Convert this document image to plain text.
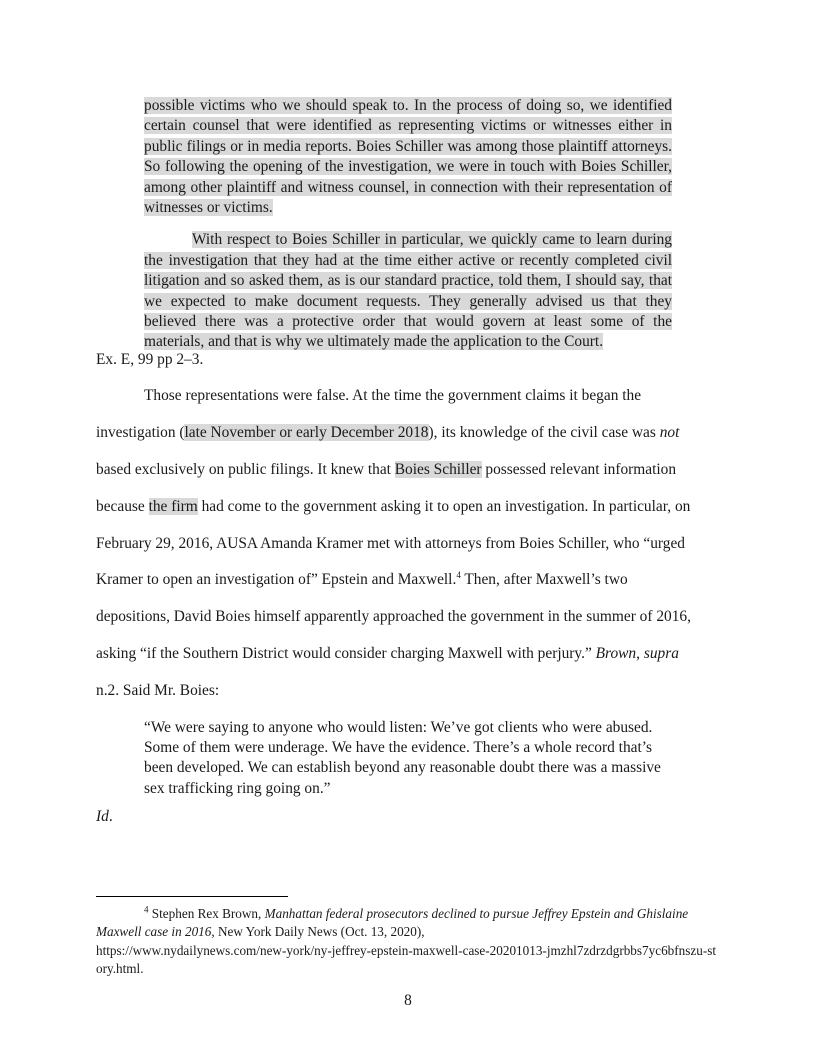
possible victims who we should speak to. In the process of doing so, we identified certain counsel that were identified as representing victims or witnesses either in public filings or in media reports. Boies Schiller was among those plaintiff attorneys. So following the opening of the investigation, we were in touch with Boies Schiller, among other plaintiff and witness counsel, in connection with their representation of witnesses or victims.

With respect to Boies Schiller in particular, we quickly came to learn during the investigation that they had at the time either active or recently completed civil litigation and so asked them, as is our standard practice, told them, I should say, that we expected to make document requests. They generally advised us that they believed there was a protective order that would govern at least some of the materials, and that is why we ultimately made the application to the Court.

Ex. E, 99 pp 2–3.
Those representations were false. At the time the government claims it began the
investigation (late November or early December 2018), its knowledge of the civil case was not
based exclusively on public filings. It knew that Boies Schiller possessed relevant information
because the firm had come to the government asking it to open an investigation. In particular, on
February 29, 2016, AUSA Amanda Kramer met with attorneys from Boies Schiller, who “urged
Kramer to open an investigation of” Epstein and Maxwell.$^4$ Then, after Maxwell’s two
depositions, David Boies himself apparently approached the government in the summer of 2016,
asking “if the Southern District would consider charging Maxwell with perjury.” Brown, supra
n.2. Said Mr. Boies:
“We were saying to anyone who would listen: We’ve got clients who were abused. Some of them were underage. We have the evidence. There’s a whole record that’s been developed. We can establish beyond any reasonable doubt there was a massive sex trafficking ring going on.”
Id.
$^4$ Stephen Rex Brown, Manhattan federal prosecutors declined to pursue Jeffrey Epstein and Ghislaine Maxwell case in 2016, New York Daily News (Oct. 13, 2020),
https://www.nydailynews.com/new-york/ny-jeffrey-epstein-maxwell-case-20201013-jmzhl7zdrzdgrbbs7yc6bfnszu-story.html.
8
